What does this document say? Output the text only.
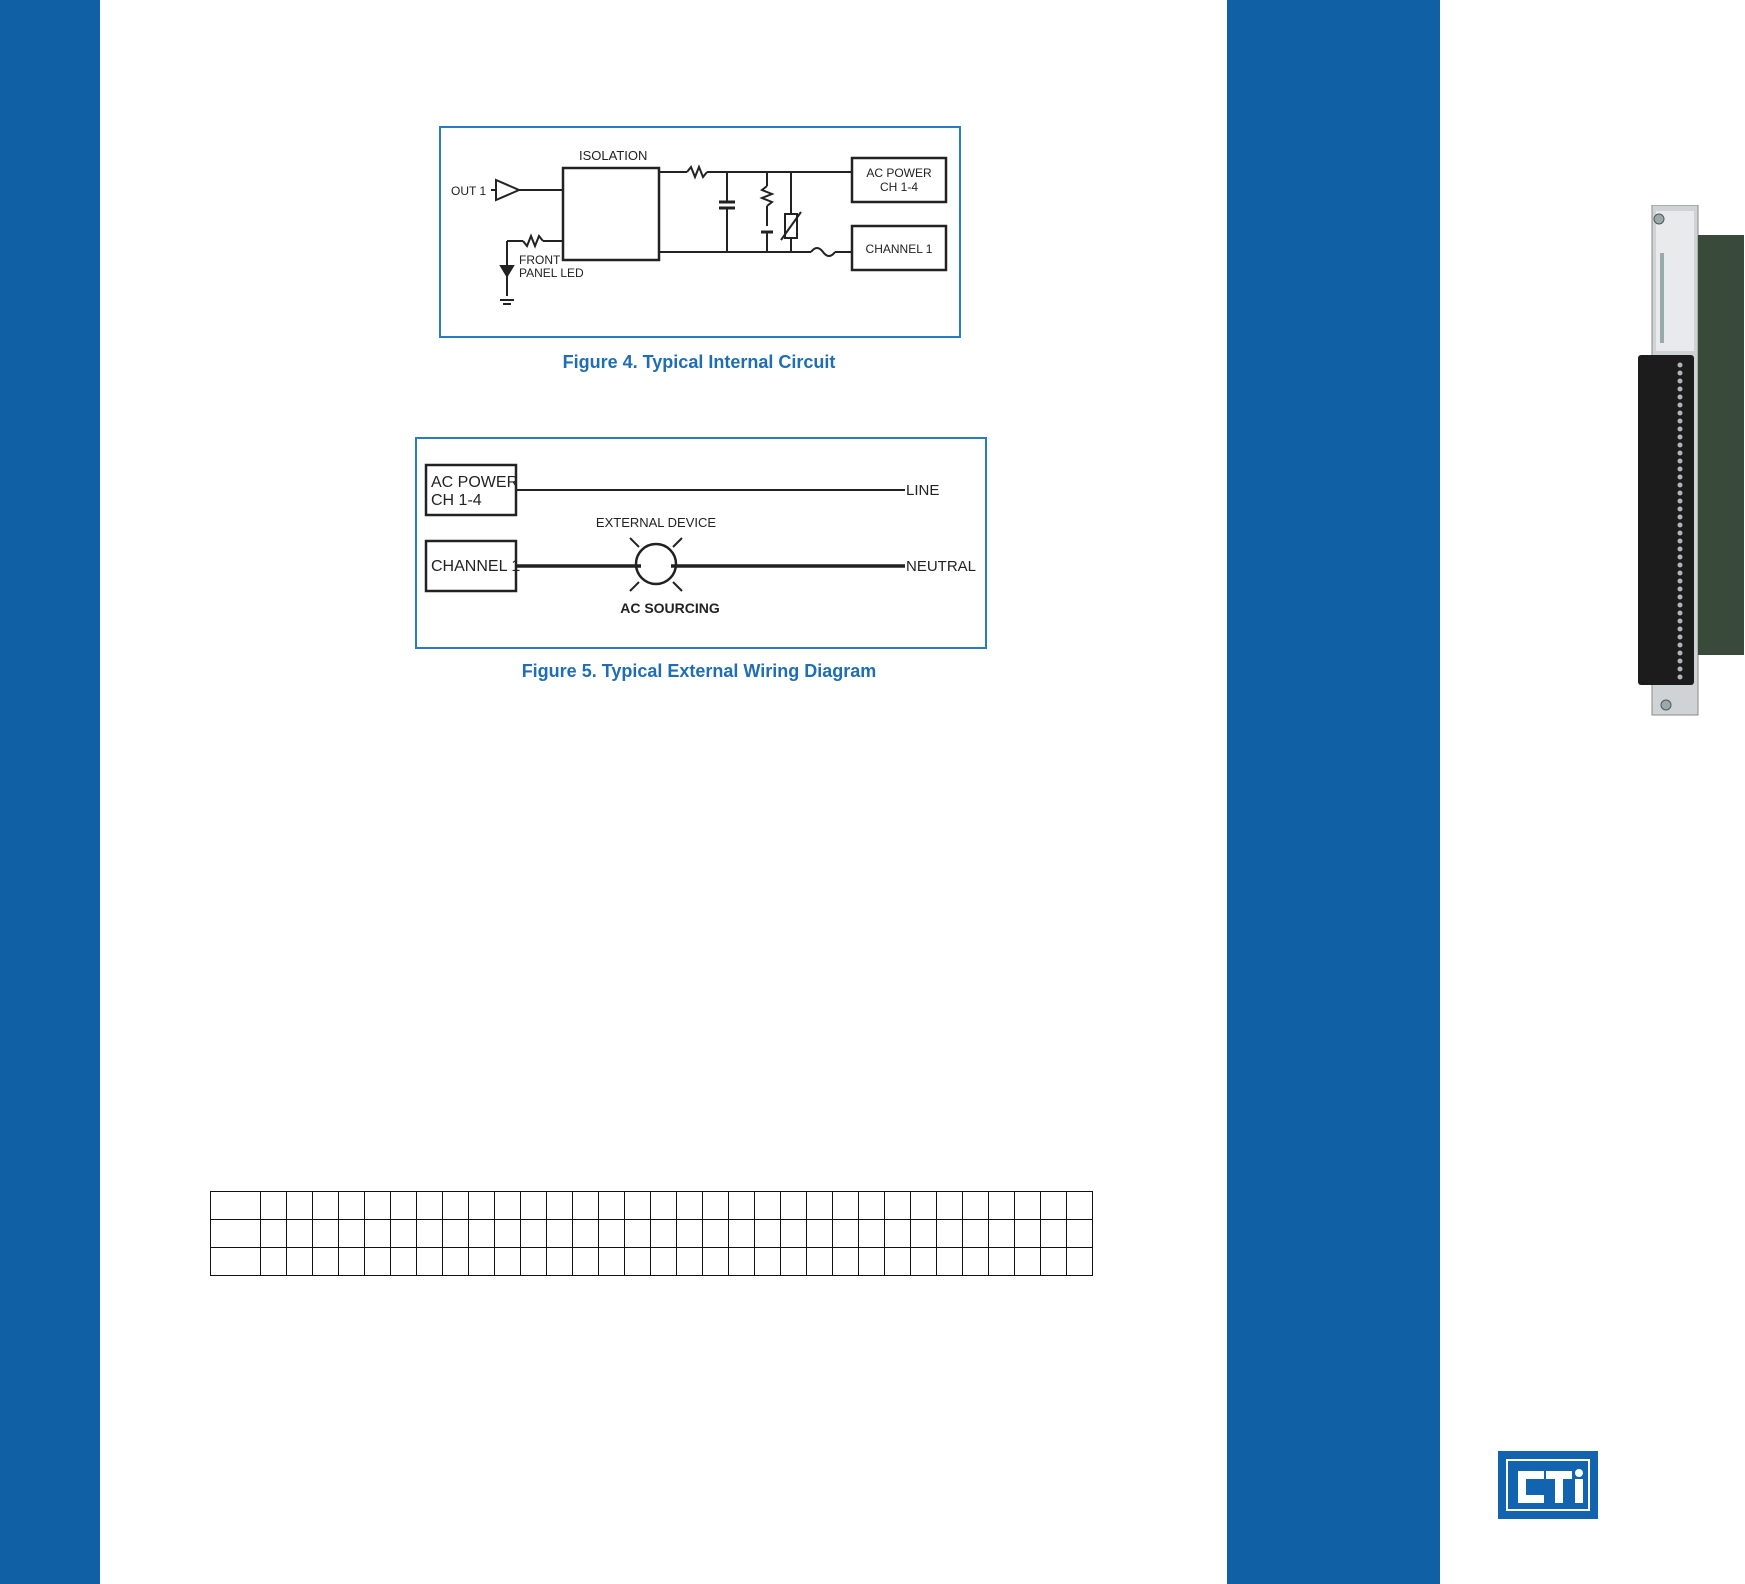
ISOLATION
OUT 1
FRONT
PANEL LED
AC POWER
CH 1-4
CHANNEL 1
Figure 4. Typical Internal Circuit
AC POWER
CH 1-4
CHANNEL 1
LINE
NEUTRAL
EXTERNAL DEVICE
AC SOURCING
Figure 5. Typical External Wiring Diagram
